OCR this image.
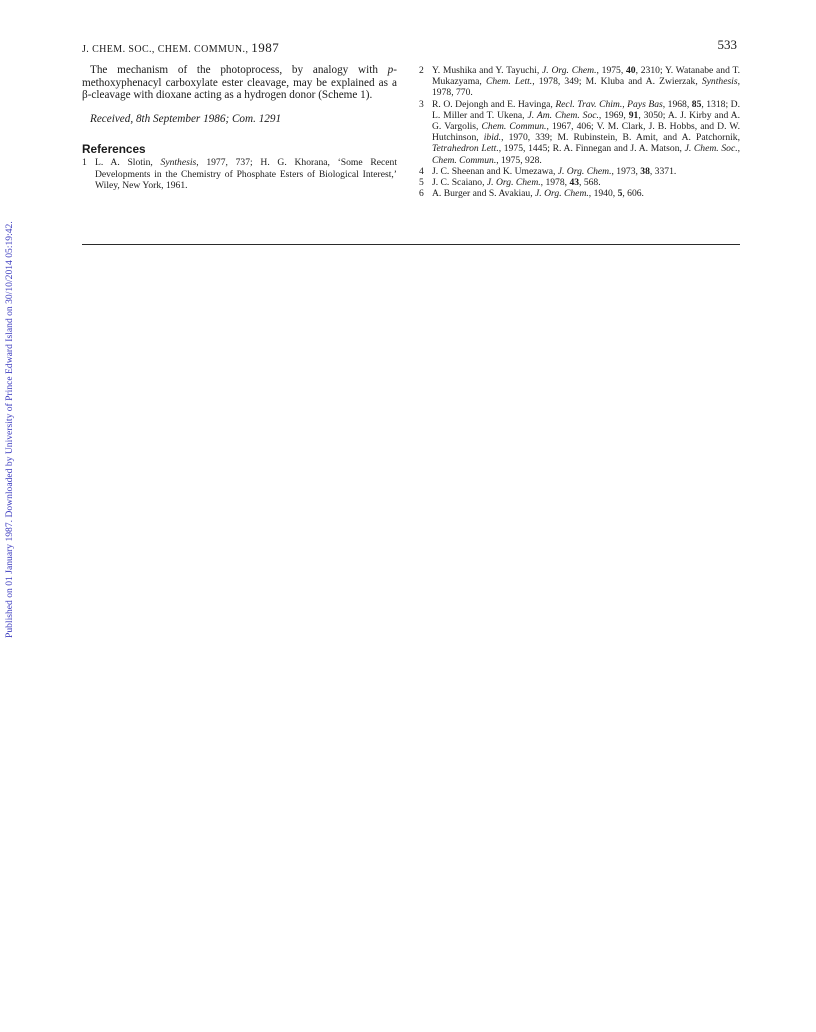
Published on 01 January 1987. Downloaded by University of Prince Edward Island on 30/10/2014 05:19:42.
J. CHEM. SOC., CHEM. COMMUN., 1987	533

The mechanism of the photoprocess, by analogy with p-methoxyphenacyl carboxylate ester cleavage, may be explained as a β-cleavage with dioxane acting as a hydrogen donor (Scheme 1).

Received, 8th September 1986; Com. 1291

References
1 L. A. Slotin, Synthesis, 1977, 737; H. G. Khorana, ‘Some Recent Developments in the Chemistry of Phosphate Esters of Biological Interest,’ Wiley, New York, 1961.
2 Y. Mushika and Y. Tayuchi, J. Org. Chem., 1975, 40, 2310; Y. Watanabe and T. Mukazyama, Chem. Lett., 1978, 349; M. Kluba and A. Zwierzak, Synthesis, 1978, 770.
3 R. O. Dejongh and E. Havinga, Recl. Trav. Chim., Pays Bas, 1968, 85, 1318; D. L. Miller and T. Ukena, J. Am. Chem. Soc., 1969, 91, 3050; A. J. Kirby and A. G. Vargolis, Chem. Commun., 1967, 406; V. M. Clark, J. B. Hobbs, and D. W. Hutchinson, ibid., 1970, 339; M. Rubinstein, B. Amit, and A. Patchornik, Tetrahedron Lett., 1975, 1445; R. A. Finnegan and J. A. Matson, J. Chem. Soc., Chem. Commun., 1975, 928.
4 J. C. Sheenan and K. Umezawa, J. Org. Chem., 1973, 38, 3371.
5 J. C. Scaiano, J. Org. Chem., 1978, 43, 568.
6 A. Burger and S. Avakiau, J. Org. Chem., 1940, 5, 606.
